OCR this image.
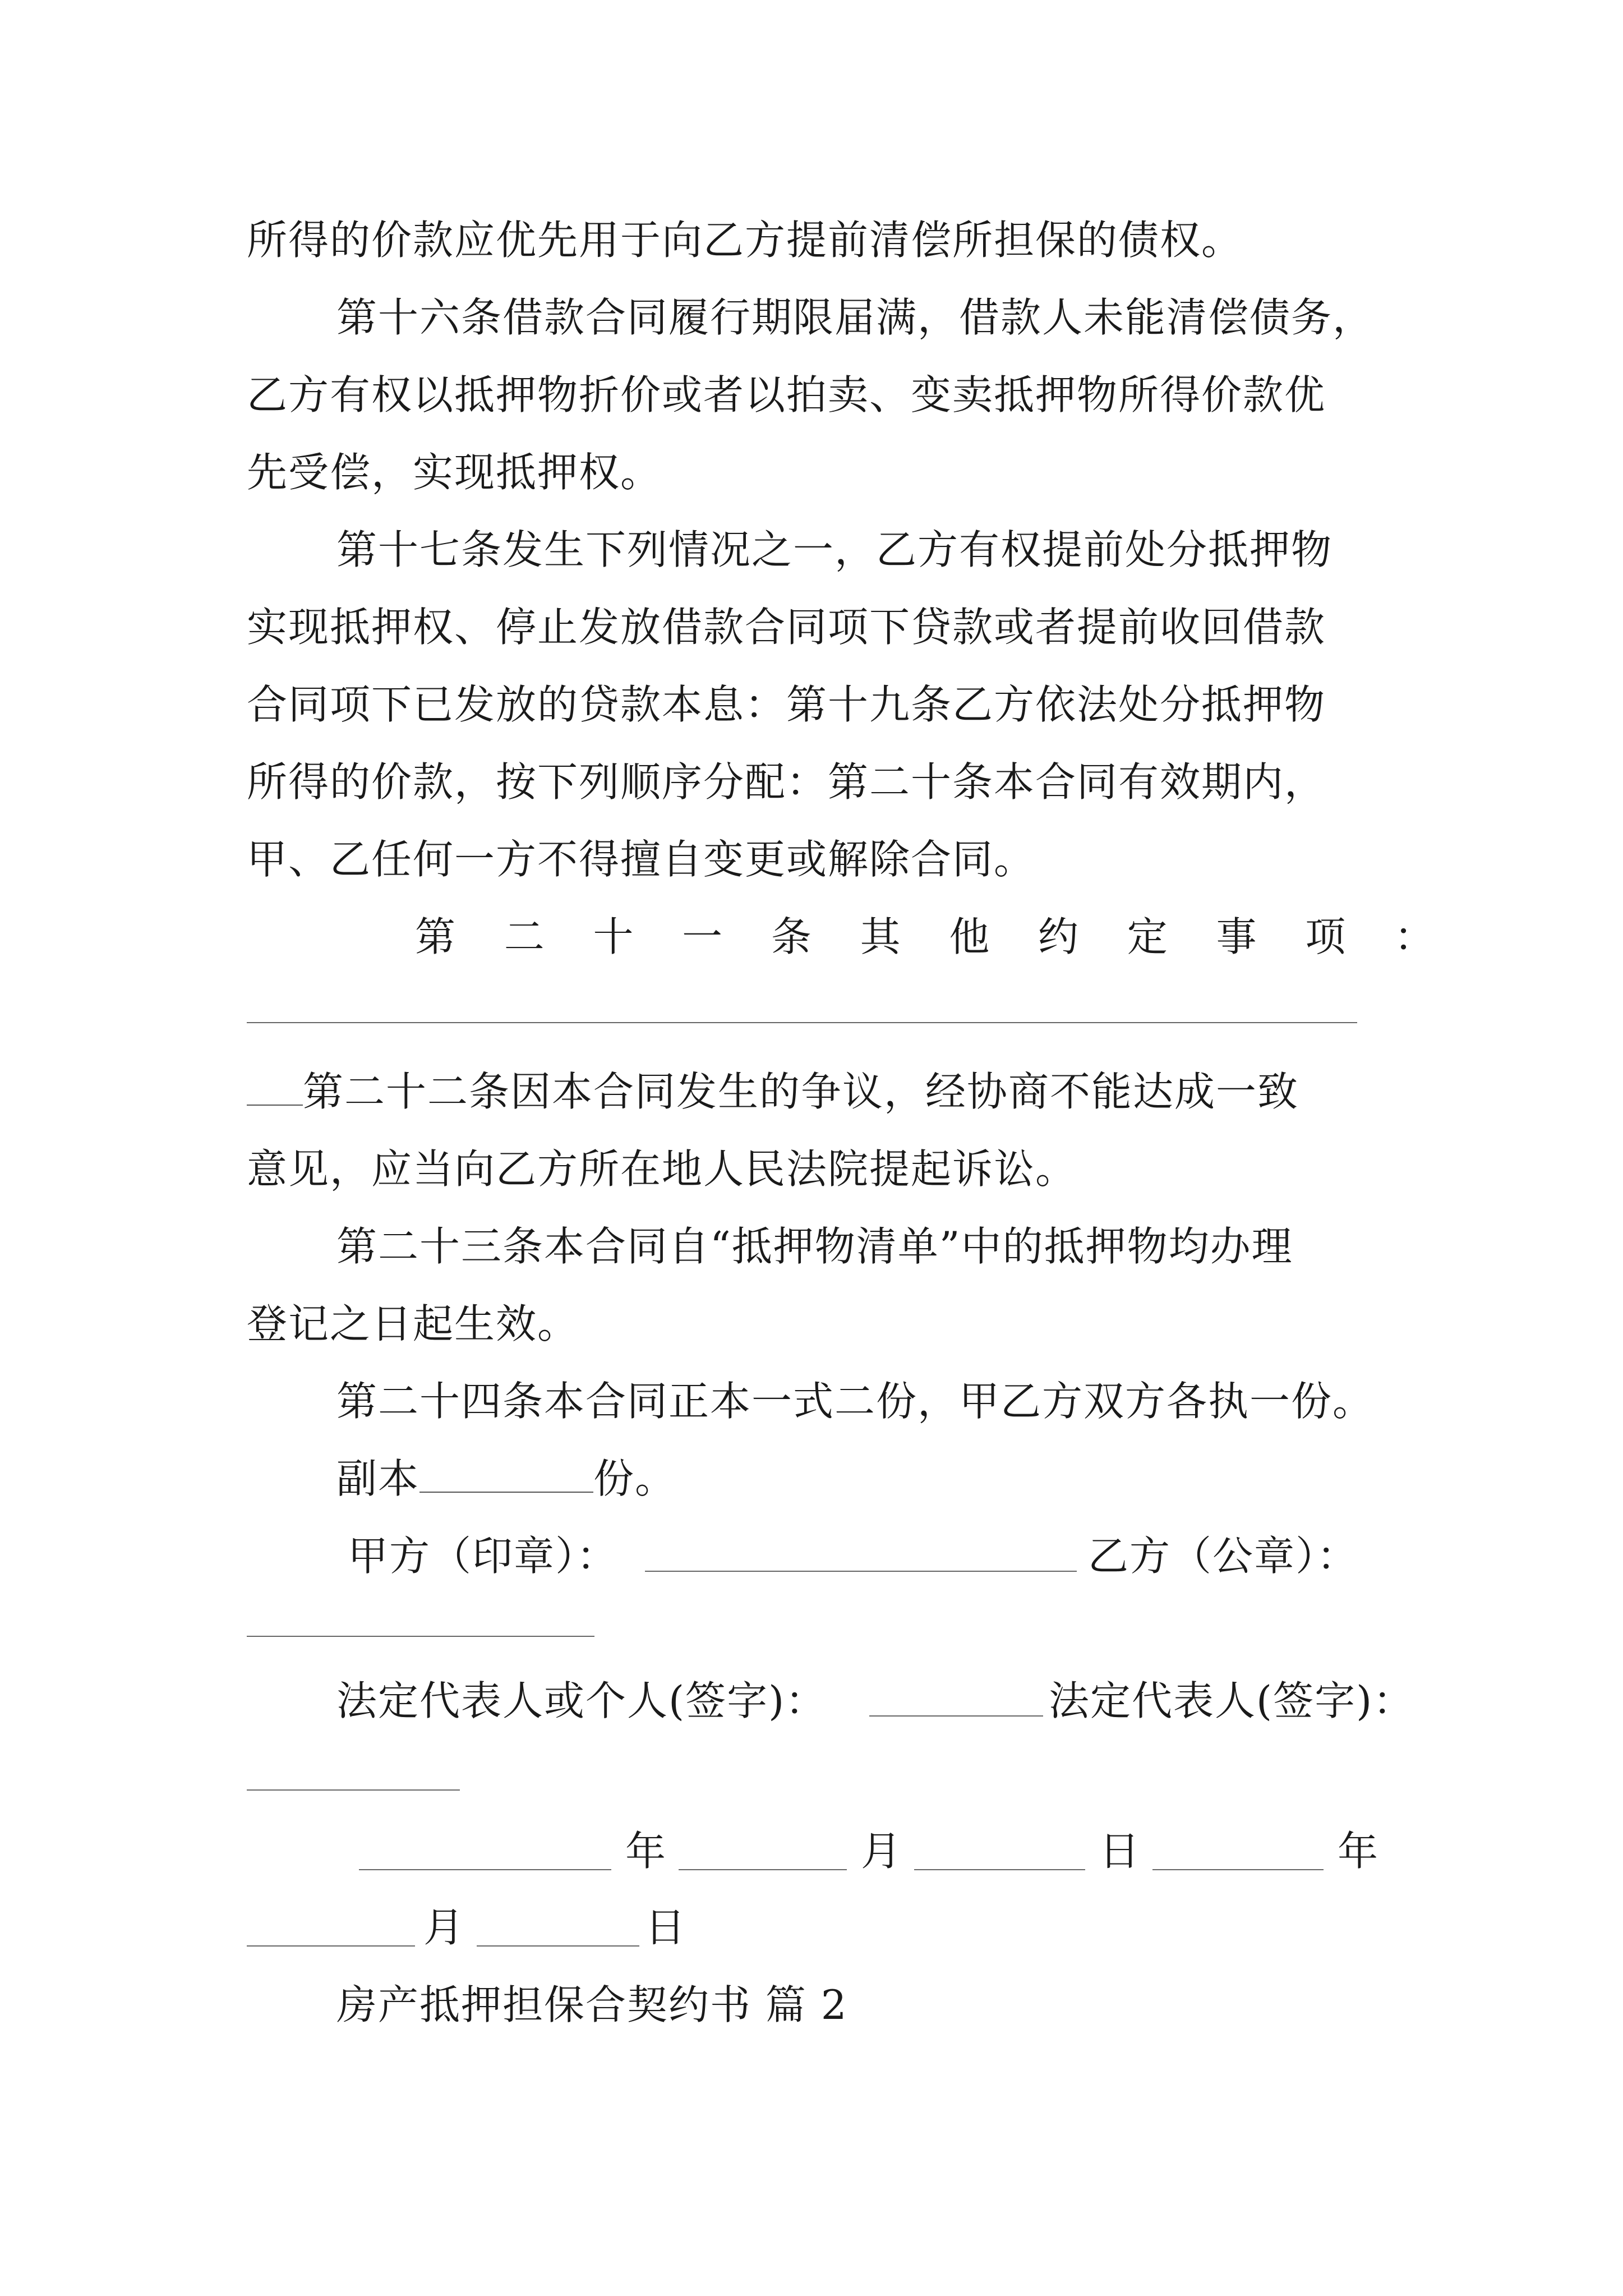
所得的价款应优先用于向乙方提前清偿所担保的债权。
第十六条借款合同履行期限届满，借款人未能清偿债务，
乙方有权以抵押物折价或者以拍卖、变卖抵押物所得价款优
先受偿，实现抵押权。
第十七条发生下列情况之一，乙方有权提前处分抵押物
实现抵押权、停止发放借款合同项下贷款或者提前收回借款
合同项下已发放的贷款本息：第十九条乙方依法处分抵押物
所得的价款，按下列顺序分配：第二十条本合同有效期内，
甲、乙任何一方不得擅自变更或解除合同。
第 二 十 一 条 其 他 约 定 事 项 ：
第二十二条因本合同发生的争议，经协商不能达成一致
意见，应当向乙方所在地人民法院提起诉讼。
第二十三条本合同自“抵押物清单”中的抵押物均办理
登记之日起生效。
第二十四条本合同正本一式二份，甲乙方双方各执一份。
副本	份。
甲方（印章）：	乙方（公章）：
法定代表人或个人(签字)：	法定代表人(签字)：
年	月	日	年
月	日
房产抵押担保合契约书 篇 2
